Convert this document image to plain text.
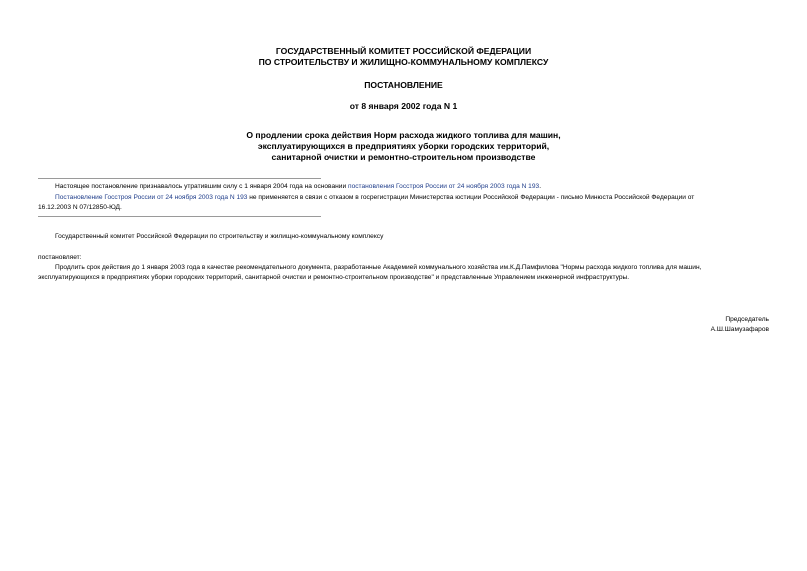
ГОСУДАРСТВЕННЫЙ КОМИТЕТ РОССИЙСКОЙ ФЕДЕРАЦИИ
ПО СТРОИТЕЛЬСТВУ И ЖИЛИЩНО-КОММУНАЛЬНОМУ КОМПЛЕКСУ
ПОСТАНОВЛЕНИЕ
от 8 января 2002 года N 1
О продлении срока действия Норм расхода жидкого топлива для машин,
эксплуатирующихся в предприятиях уборки городских территорий,
санитарной очистки и ремонтно-строительном производстве
Настоящее постановление признавалось утратившим силу с 1 января 2004 года на основании постановления Госстроя России от 24 ноября 2003 года N 193.
Постановление Госстроя России от 24 ноября 2003 года N 193 не применяется в связи с отказом в госрегистрации Министерства юстиции Российской Федерации - письмо Минюста Российской Федерации от
16.12.2003 N 07/12850-ЮД.
Государственный комитет Российской Федерации по строительству и жилищно-коммунальному комплексу
постановляет:
Продлить срок действия до 1 января 2003 года в качестве рекомендательного документа, разработанные Академией коммунального хозяйства им.К.Д.Памфилова "Нормы расхода жидкого топлива для машин,
эксплуатирующихся в предприятиях уборки городских территорий, санитарной очистки и ремонтно-строительном производстве" и представленные Управлением инженерной инфраструктуры.
Председатель
А.Ш.Шамузафаров
